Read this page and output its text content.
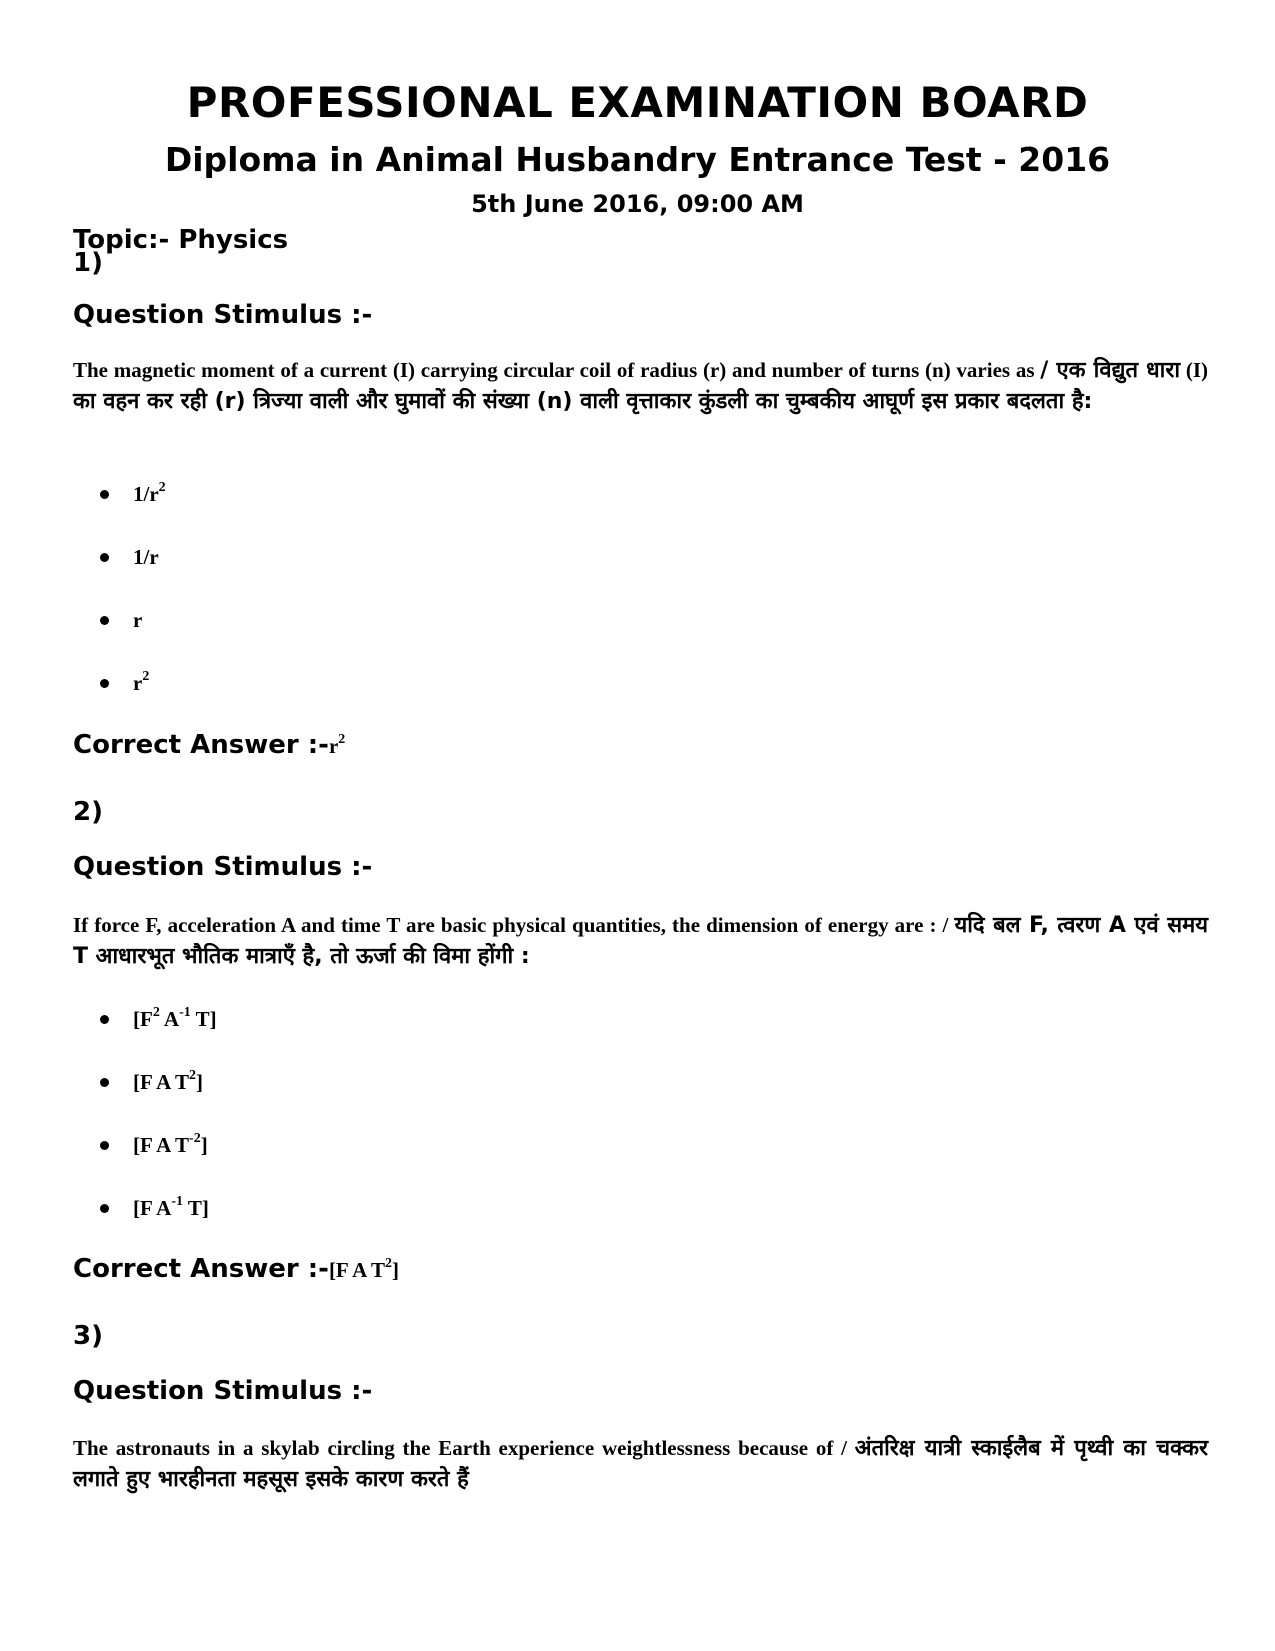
PROFESSIONAL EXAMINATION BOARD
Diploma in Animal Husbandry Entrance Test - 2016
5th June 2016, 09:00 AM
Topic:- Physics
1)
Question Stimulus :-
The magnetic moment of a current (I) carrying circular coil of radius (r) and number of turns (n) varies as / एक विद्युत धारा (I) का वहन कर रही (r) त्रिज्या वाली और घुमावों की संख्या (n) वाली वृत्ताकार कुंडली का चुम्बकीय आघूर्ण इस प्रकार बदलता है:
$1/r^2$
1/r
r
$r^2$
Correct Answer $:-r^2$
2)
Question Stimulus :-
If force F, acceleration A and time T are basic physical quantities, the dimension of energy are : / यदि बल F, त्वरण A एवं समय T आधारभूत भौतिक मात्राएँ है, तो ऊर्जा की विमा होंगी :
[$F^2$ $A^{-1}$ T]
[F A $T^2$]
[F A $T^{-2}$]
[F $A^{-1}$ T]
Correct Answer :-[F A $T^2$]
3)
Question Stimulus :-
The astronauts in a skylab circling the Earth experience weightlessness because of / अंतरिक्ष यात्री स्काईलैब में पृथ्वी का चक्कर लगाते हुए भारहीनता महसूस इसके कारण करते हैं
